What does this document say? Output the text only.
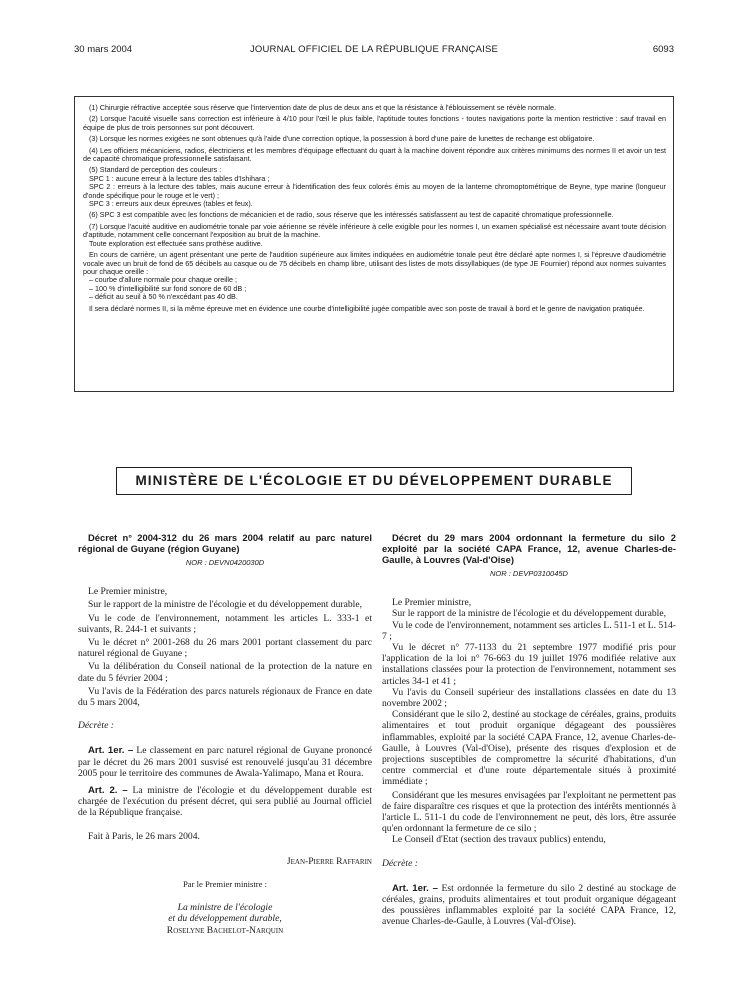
30 mars 2004	JOURNAL OFFICIEL DE LA RÉPUBLIQUE FRANÇAISE	6093

(1) Chirurgie réfractive acceptée sous réserve que l'intervention date de plus de deux ans et que la résistance à l'éblouissement se révèle normale.

(2) Lorsque l'acuité visuelle sans correction est inférieure à 4/10 pour l'œil le plus faible, l'aptitude toutes fonctions - toutes navigations porte la mention restrictive : sauf travail en équipe de plus de trois personnes sur pont découvert.

(3) Lorsque les normes exigées ne sont obtenues qu'à l'aide d'une correction optique, la possession à bord d'une paire de lunettes de rechange est obligatoire.

(4) Les officiers mécaniciens, radios, électriciens et les membres d'équipage effectuant du quart à la machine doivent répondre aux critères minimums des normes II et avoir un test de capacité chromatique professionnelle satisfaisant.

(5) Standard de perception des couleurs :

SPC 1 : aucune erreur à la lecture des tables d'Ishihara ;

SPC 2 : erreurs à la lecture des tables, mais aucune erreur à l'identification des feux colorés émis au moyen de la lanterne chromoptométrique de Beyne, type marine (longueur d'onde spécifique pour le rouge et le vert) ;

SPC 3 : erreurs aux deux épreuves (tables et feux).

(6) SPC 3 est compatible avec les fonctions de mécanicien et de radio, sous réserve que les intéressés satisfassent au test de capacité chromatique professionnelle.

(7) Lorsque l'acuité auditive en audiométrie tonale par voie aérienne se révèle inférieure à celle exigible pour les normes I, un examen spécialisé est nécessaire avant toute décision d'aptitude, notamment celle concernant l'exposition au bruit de la machine.

Toute exploration est effectuée sans prothèse auditive.

En cours de carrière, un agent présentant une perte de l'audition supérieure aux limites indiquées en audiométrie tonale peut être déclaré apte normes I, si l'épreuve d'audiométrie vocale avec un bruit de fond de 65 décibels au casque ou de 75 décibels en champ libre, utilisant des listes de mots dissyllabiques (de type JE Fournier) répond aux normes suivantes pour chaque oreille :

– courbe d'allure normale pour chaque oreille ;

– 100 % d'intelligibilité sur fond sonore de 60 dB ;

– déficit au seuil à 50 % n'excédant pas 40 dB.

Il sera déclaré normes II, si la même épreuve met en évidence une courbe d'intelligibilité jugée compatible avec son poste de travail à bord et le genre de navigation pratiquée.

MINISTÈRE DE L'ÉCOLOGIE ET DU DÉVELOPPEMENT DURABLE

Décret n° 2004-312 du 26 mars 2004 relatif au parc naturel régional de Guyane (région Guyane)

NOR : DEVN0420030D

Le Premier ministre,

Sur le rapport de la ministre de l'écologie et du développement durable,

Vu le code de l'environnement, notamment les articles L. 333-1 et suivants, R. 244-1 et suivants ;

Vu le décret n° 2001-268 du 26 mars 2001 portant classement du parc naturel régional de Guyane ;

Vu la délibération du Conseil national de la protection de la nature en date du 5 février 2004 ;

Vu l'avis de la Fédération des parcs naturels régionaux de France en date du 5 mars 2004,

Décrète :

Art. 1er. – Le classement en parc naturel régional de Guyane prononcé par le décret du 26 mars 2001 susvisé est renouvelé jusqu'au 31 décembre 2005 pour le territoire des communes de Awala-Yalimapo, Mana et Roura.

Art. 2. – La ministre de l'écologie et du développement durable est chargée de l'exécution du présent décret, qui sera publié au Journal officiel de la République française.

Fait à Paris, le 26 mars 2004.

Jean-Pierre Raffarin

Par le Premier ministre :

La ministre de l'écologie

et du développement durable,

Roselyne Bachelot-Narquin

Décret du 29 mars 2004 ordonnant la fermeture du silo 2 exploité par la société CAPA France, 12, avenue Charles-de-Gaulle, à Louvres (Val-d'Oise)

NOR : DEVP0310045D

Le Premier ministre,

Sur le rapport de la ministre de l'écologie et du développement durable,

Vu le code de l'environnement, notamment ses articles L. 511-1 et L. 514-7 ;

Vu le décret n° 77-1133 du 21 septembre 1977 modifié pris pour l'application de la loi n° 76-663 du 19 juillet 1976 modifiée relative aux installations classées pour la protection de l'environnement, notamment ses articles 34-1 et 41 ;

Vu l'avis du Conseil supérieur des installations classées en date du 13 novembre 2002 ;

Considérant que le silo 2, destiné au stockage de céréales, grains, produits alimentaires et tout produit organique dégageant des poussières inflammables, exploité par la société CAPA France, 12, avenue Charles-de-Gaulle, à Louvres (Val-d'Oise), présente des risques d'explosion et de projections susceptibles de compromettre la sécurité d'habitations, d'un centre commercial et d'une route départementale situés à proximité immédiate ;

Considérant que les mesures envisagées par l'exploitant ne permettent pas de faire disparaître ces risques et que la protection des intérêts mentionnés à l'article L. 511-1 du code de l'environnement ne peut, dès lors, être assurée qu'en ordonnant la fermeture de ce silo ;

Le Conseil d'Etat (section des travaux publics) entendu,

Décrète :

Art. 1er. – Est ordonnée la fermeture du silo 2 destiné au stockage de céréales, grains, produits alimentaires et tout produit organique dégageant des poussières inflammables exploité par la société CAPA France, 12, avenue Charles-de-Gaulle, à Louvres (Val-d'Oise).
